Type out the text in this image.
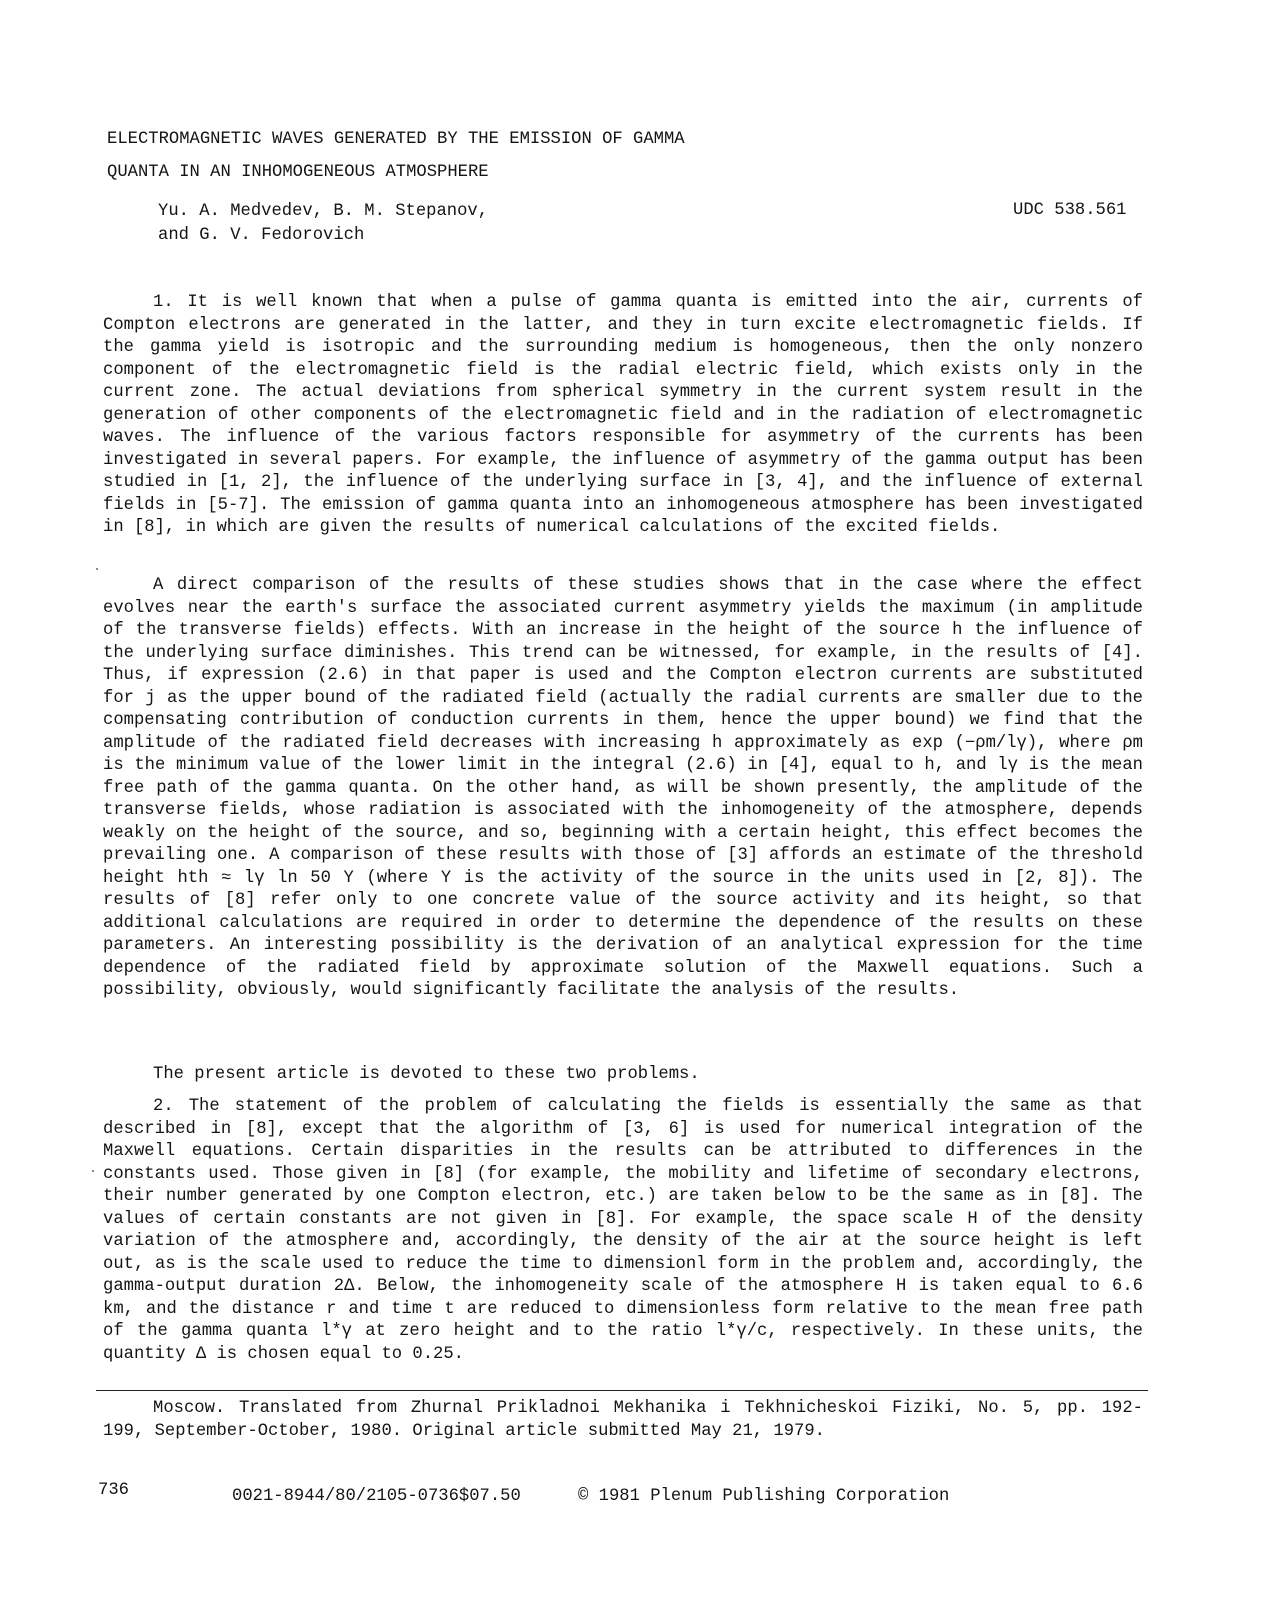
ELECTROMAGNETIC WAVES GENERATED BY THE EMISSION OF GAMMA
QUANTA IN AN INHOMOGENEOUS ATMOSPHERE
Yu. A. Medvedev, B. M. Stepanov,
and G. V. Fedorovich
UDC 538.561

1. It is well known that when a pulse of gamma quanta is emitted into the air, currents of Compton electrons are generated in the latter, and they in turn excite electromagnetic fields. If the gamma yield is isotropic and the surrounding medium is homogeneous, then the only nonzero component of the electromagnetic field is the radial electric field, which exists only in the current zone. The actual deviations from spherical symmetry in the current system result in the generation of other components of the electromagnetic field and in the radiation of electromagnetic waves. The influence of the various factors responsible for asymmetry of the currents has been investigated in several papers. For example, the influence of asymmetry of the gamma output has been studied in [1, 2], the influence of the underlying surface in [3, 4], and the influence of external fields in [5-7]. The emission of gamma quanta into an inhomogeneous atmosphere has been investigated in [8], in which are given the results of numerical calculations of the excited fields.

A direct comparison of the results of these studies shows that in the case where the effect evolves near the earth's surface the associated current asymmetry yields the maximum (in amplitude of the transverse fields) effects. With an increase in the height of the source h the influence of the underlying surface diminishes. This trend can be witnessed, for example, in the results of [4]. Thus, if expression (2.6) in that paper is used and the Compton electron currents are substituted for j as the upper bound of the radiated field (actually the radial currents are smaller due to the compensating contribution of conduction currents in them, hence the upper bound) we find that the amplitude of the radiated field decreases with increasing h approximately as exp (−ρm/lγ), where ρm is the minimum value of the lower limit in the integral (2.6) in [4], equal to h, and lγ is the mean free path of the gamma quanta. On the other hand, as will be shown presently, the amplitude of the transverse fields, whose radiation is associated with the inhomogeneity of the atmosphere, depends weakly on the height of the source, and so, beginning with a certain height, this effect becomes the prevailing one. A comparison of these results with those of [3] affords an estimate of the threshold height hth ≈ lγ ln 50 Y (where Y is the activity of the source in the units used in [2, 8]). The results of [8] refer only to one concrete value of the source activity and its height, so that additional calculations are required in order to determine the dependence of the results on these parameters. An interesting possibility is the derivation of an analytical expression for the time dependence of the radiated field by approximate solution of the Maxwell equations. Such a possibility, obviously, would significantly facilitate the analysis of the results.

The present article is devoted to these two problems.

2. The statement of the problem of calculating the fields is essentially the same as that described in [8], except that the algorithm of [3, 6] is used for numerical integration of the Maxwell equations. Certain disparities in the results can be attributed to differences in the constants used. Those given in [8] (for example, the mobility and lifetime of secondary electrons, their number generated by one Compton electron, etc.) are taken below to be the same as in [8]. The values of certain constants are not given in [8]. For example, the space scale H of the density variation of the atmosphere and, accordingly, the density of the air at the source height is left out, as is the scale used to reduce the time to dimensionl form in the problem and, accordingly, the gamma-output duration 2Δ. Below, the inhomogeneity scale of the atmosphere H is taken equal to 6.6 km, and the distance r and time t are reduced to dimensionless form relative to the mean free path of the gamma quanta l*γ at zero height and to the ratio l*γ/c, respectively. In these units, the quantity Δ is chosen equal to 0.25.

Moscow. Translated from Zhurnal Prikladnoi Mekhanika i Tekhnicheskoi Fiziki, No. 5, pp. 192-199, September-October, 1980. Original article submitted May 21, 1979.

736	0021-8944/80/2105-0736$07.50	© 1981 Plenum Publishing Corporation
